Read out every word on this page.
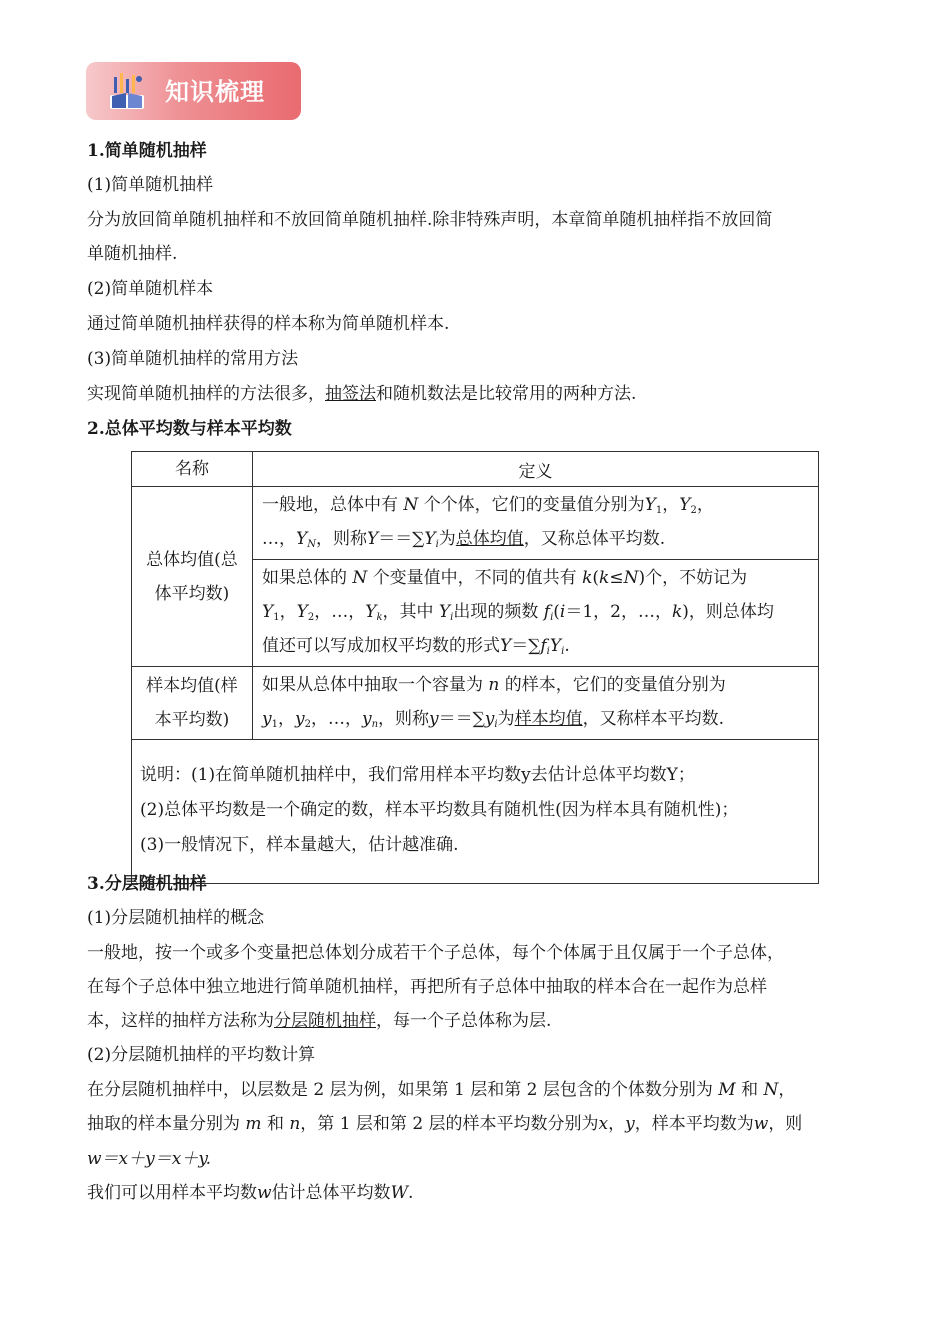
知识梳理
1.简单随机抽样
(1)简单随机抽样
分为放回简单随机抽样和不放回简单随机抽样.除非特殊声明，本章简单随机抽样指不放回简
单随机抽样.
(2)简单随机样本
通过简单随机抽样获得的样本称为简单随机样本.
(3)简单随机抽样的常用方法
实现简单随机抽样的方法很多，抽签法和随机数法是比较常用的两种方法.
2.总体平均数与样本平均数
名称	定义

总体均值(总体平均数)	一般地，总体中有 N 个个体，它们的变量值分别为$Y_1$，$Y_2$，
…，$Y_N$，则称$Y==\sum Y_i$为总体均值，又称总体平均数.
	如果总体的 N 个变量值中，不同的值共有 k(k≤N)个，不妨记为
$Y_1$，$Y_2$，…，$Y_k$，其中 $Y_i$出现的频数 $f_i(i=1$，2，…，k)，则总体均
值还可以写成加权平均数的形式$Y=\sum f_iY_i$.

样本均值(样本平均数)	如果从总体中抽取一个容量为 n 的样本，它们的变量值分别为
$y_1$，$y_2$，…，$y_n$，则称$y==\sum y_i$为样本均值，又称样本平均数.

说明：(1)在简单随机抽样中，我们常用样本平均数y去估计总体平均数Y；
(2)总体平均数是一个确定的数，样本平均数具有随机性(因为样本具有随机性)；
(3)一般情况下，样本量越大，估计越准确.	
3.分层随机抽样
(1)分层随机抽样的概念
一般地，按一个或多个变量把总体划分成若干个子总体，每个个体属于且仅属于一个子总体，
在每个子总体中独立地进行简单随机抽样，再把所有子总体中抽取的样本合在一起作为总样
本，这样的抽样方法称为分层随机抽样，每一个子总体称为层.
(2)分层随机抽样的平均数计算
在分层随机抽样中，以层数是 2 层为例，如果第 1 层和第 2 层包含的个体数分别为 M 和 N，
抽取的样本量分别为 m 和 n，第 1 层和第 2 层的样本平均数分别为x，y，样本平均数为w，则
w＝x＋y＝x＋y.
我们可以用样本平均数w估计总体平均数W.
